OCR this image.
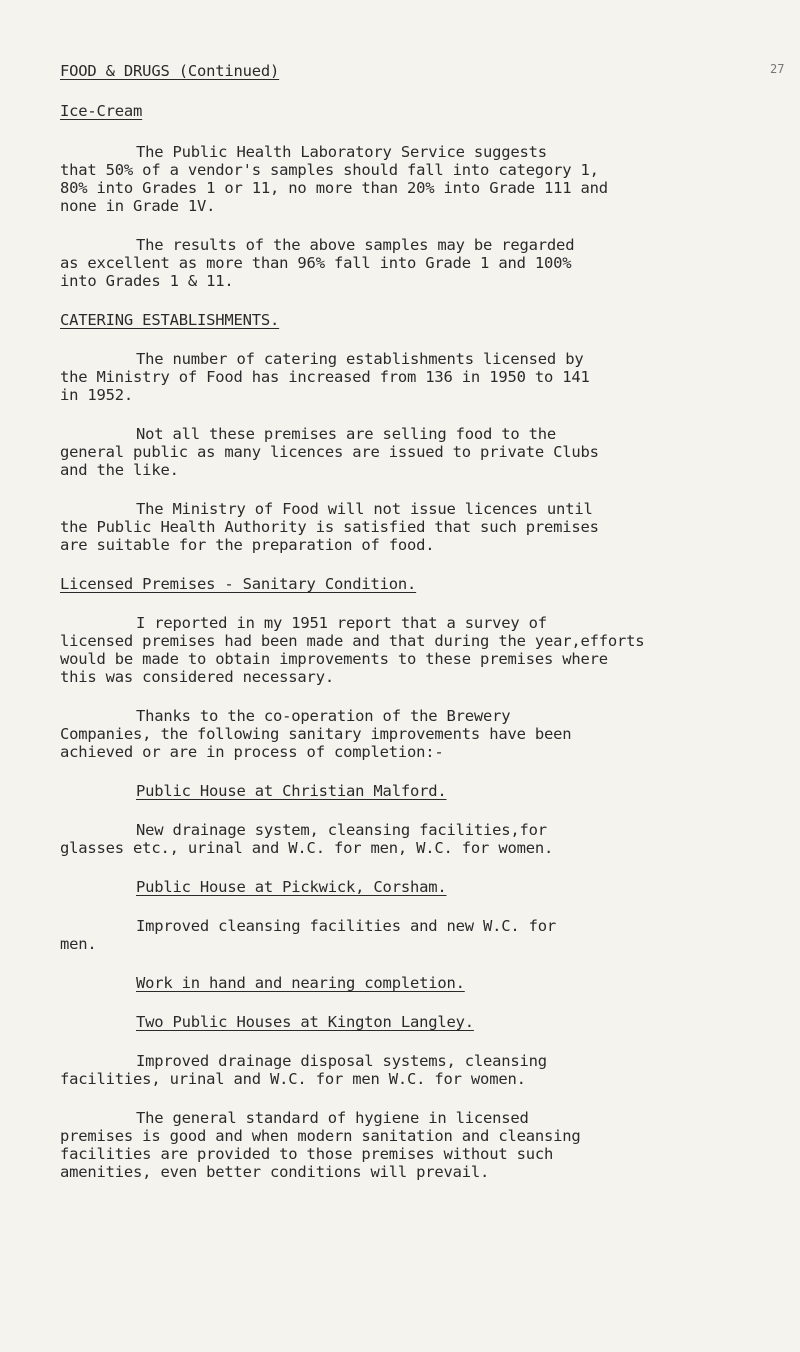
27
FOOD & DRUGS (Continued)
Ice-Cream
The Public Health Laboratory Service suggests
that 50% of a vendor's samples should fall into category 1,
80% into Grades 1 or 11, no more than 20% into Grade 111 and
none in Grade 1V.
The results of the above samples may be regarded
as excellent as more than 96% fall into Grade 1 and 100%
into Grades 1 & 11.
CATERING ESTABLISHMENTS.
The number of catering establishments licensed by
the Ministry of Food has increased from 136 in 1950 to 141
in 1952.
Not all these premises are selling food to the
general public as many licences are issued to private Clubs
and the like.
The Ministry of Food will not issue licences until
the Public Health Authority is satisfied that such premises
are suitable for the preparation of food.
Licensed Premises - Sanitary Condition.
I reported in my 1951 report that a survey of
licensed premises had been made and that during the year,efforts
would be made to obtain improvements to these premises where
this was considered necessary.
Thanks to the co-operation of the Brewery
Companies, the following sanitary improvements have been
achieved or are in process of completion:-
Public House at Christian Malford.
New drainage system, cleansing facilities,for
glasses etc., urinal and W.C. for men, W.C. for women.
Public House at Pickwick, Corsham.
Improved cleansing facilities and new W.C. for
men.
Work in hand and nearing completion.
Two Public Houses at Kington Langley.
Improved drainage disposal systems, cleansing
facilities, urinal and W.C. for men W.C. for women.
The general standard of hygiene in licensed
premises is good and when modern sanitation and cleansing
facilities are provided to those premises without such
amenities, even better conditions will prevail.
